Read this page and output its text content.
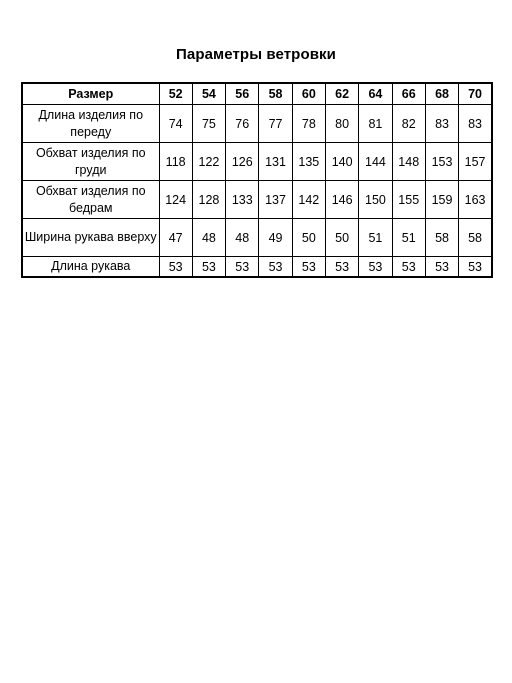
Параметры ветровки
Размер	52	54	56	58	60	62	64	66	68	70
Длина изделия по переду	74	75	76	77	78	80	81	82	83	83
Обхват изделия по груди	118	122	126	131	135	140	144	148	153	157
Обхват изделия по бедрам	124	128	133	137	142	146	150	155	159	163
Ширина рукава вверху	47	48	48	49	50	50	51	51	58	58
Длина рукава	53	53	53	53	53	53	53	53	53	53
